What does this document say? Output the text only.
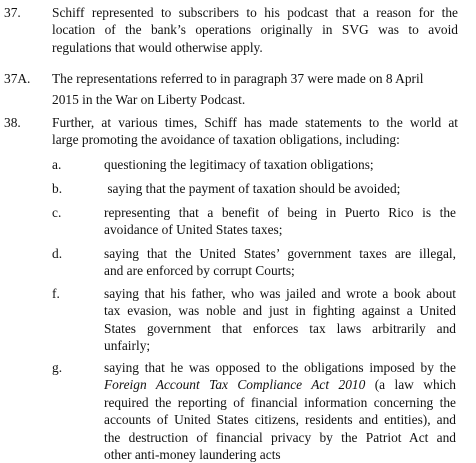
37. Schiff represented to subscribers to his podcast that a reason for the
location of the bank’s operations originally in SVG was to avoid
regulations that would otherwise apply.
37A. The representations referred to in paragraph 37 were made on 8 April
2015 in the War on Liberty Podcast.
38. Further, at various times, Schiff has made statements to the world at
large promoting the avoidance of taxation obligations, including:
a.	questioning the legitimacy of taxation obligations;
b.	saying that the payment of taxation should be avoided;
c.	representing that a benefit of being in Puerto Rico is the
avoidance of United States taxes;
d.	saying that the United States’ government taxes are illegal,
and are enforced by corrupt Courts;
f.	saying that his father, who was jailed and wrote a book about
tax evasion, was noble and just in fighting against a United
States government that enforces tax laws arbitrarily and
unfairly;
g.	saying that he was opposed to the obligations imposed by the
Foreign Account Tax Compliance Act 2010 (a law which
required the reporting of financial information concerning the
accounts of United States citizens, residents and entities), and
the destruction of financial privacy by the Patriot Act and
other anti-money laundering acts
